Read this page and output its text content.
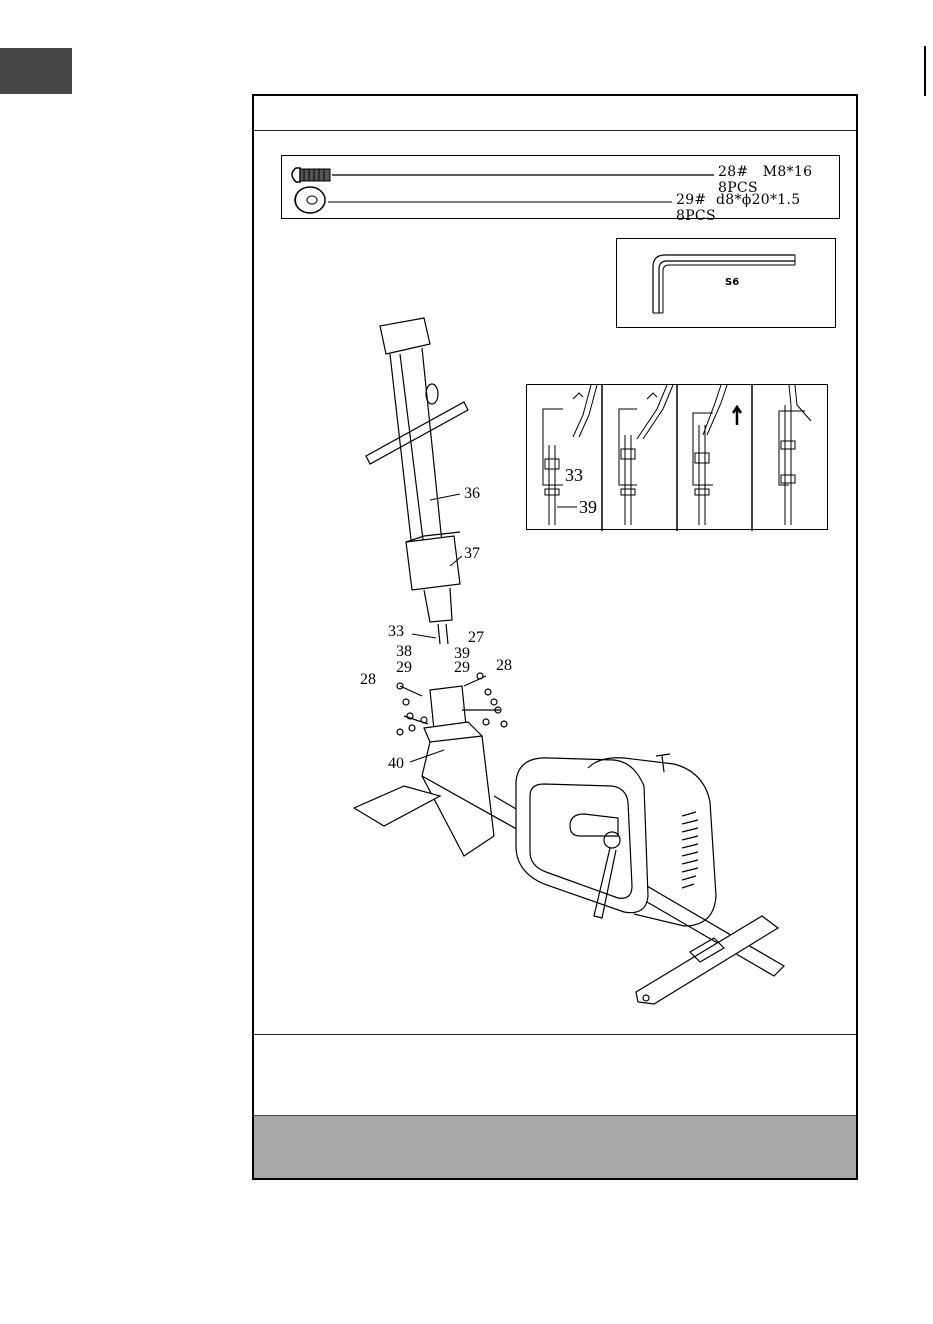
28# M8*16  8PCS
29# d8*ϕ20*1.5  8PCS
S6
33
39
36
37
33	27
38	39
29	29
28
28
40
